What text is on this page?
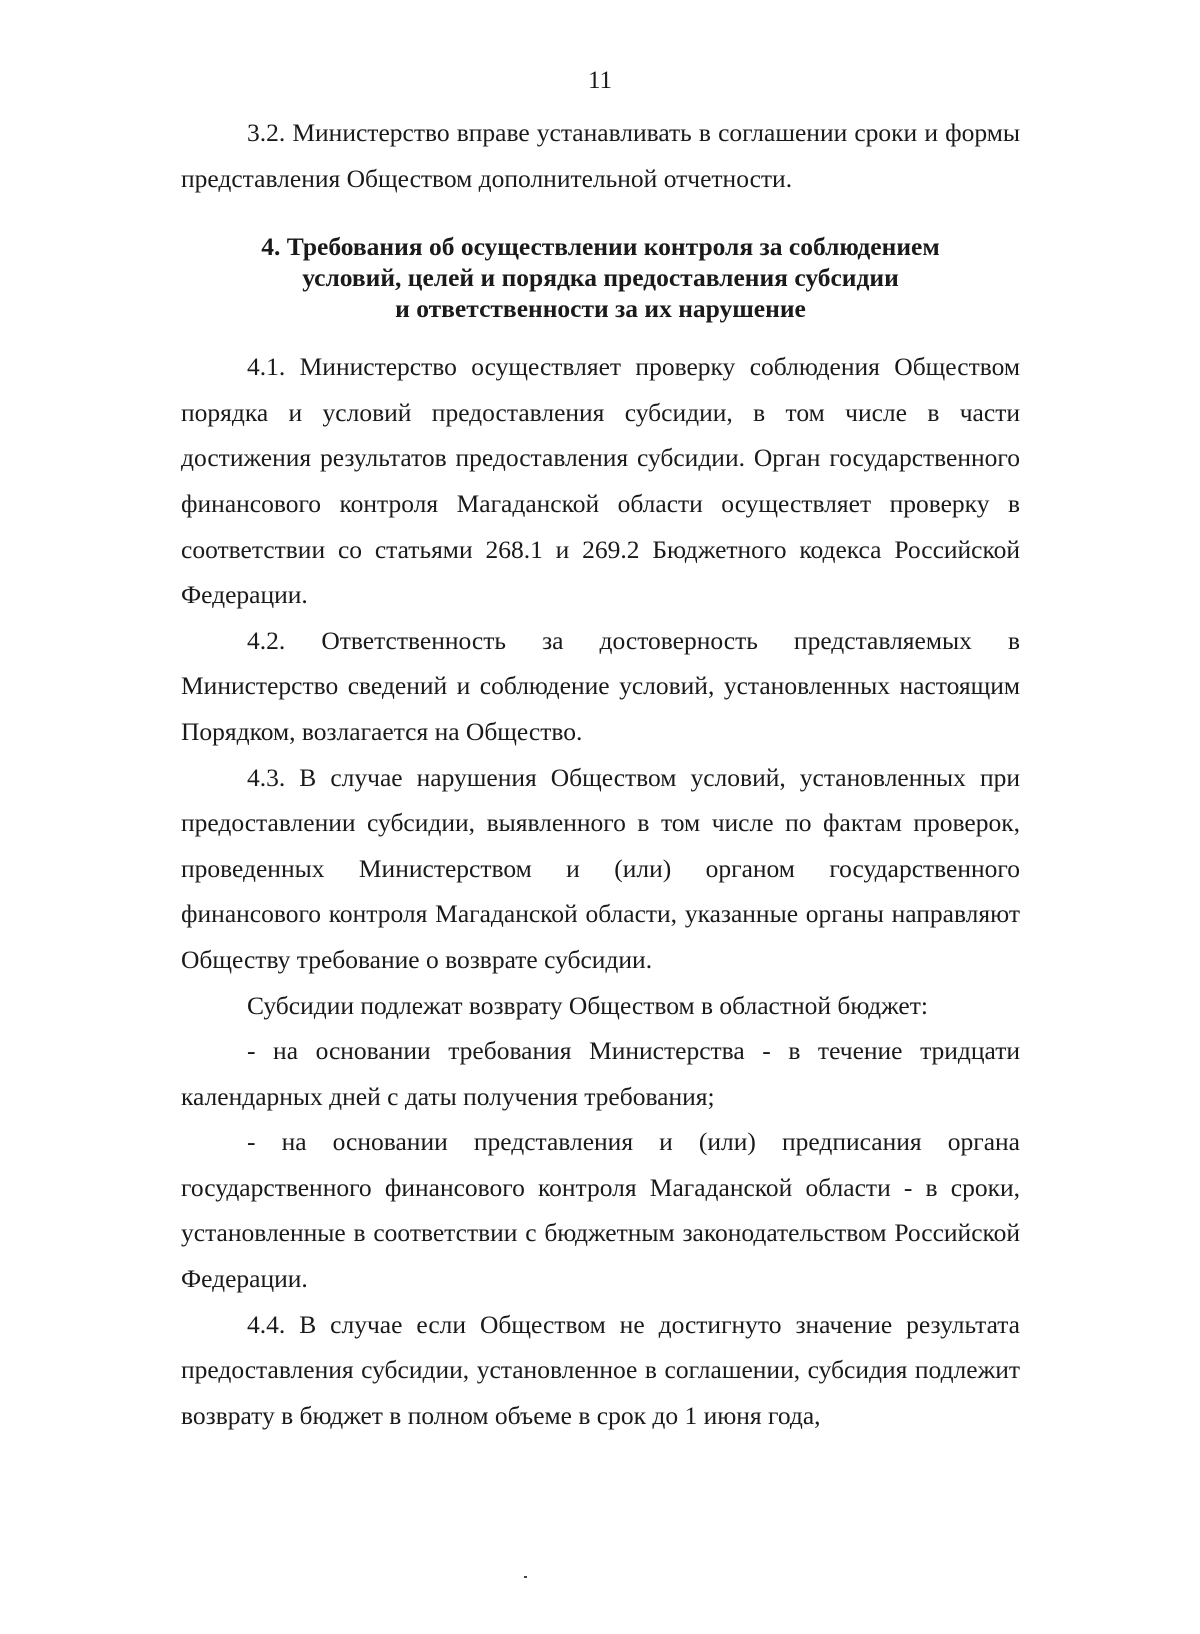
11

3.2. Министерство вправе устанавливать в соглашении сроки и формы представления Обществом дополнительной отчетности.

4. Требования об осуществлении контроля за соблюдением
условий, целей и порядка предоставления субсидии
и ответственности за их нарушение

4.1. Министерство осуществляет проверку соблюдения Обществом порядка и условий предоставления субсидии, в том числе в части достижения результатов предоставления субсидии. Орган государственного финансового контроля Магаданской области осуществляет проверку в соответствии со статьями 268.1 и 269.2 Бюджетного кодекса Российской Федерации.

4.2. Ответственность за достоверность представляемых в Министерство сведений и соблюдение условий, установленных настоящим Порядком, возлагается на Общество.

4.3. В случае нарушения Обществом условий, установленных при предоставлении субсидии, выявленного в том числе по фактам проверок, проведенных Министерством и (или) органом государственного финансового контроля Магаданской области, указанные органы направляют Обществу требование о возврате субсидии.

Субсидии подлежат возврату Обществом в областной бюджет:

- на основании требования Министерства - в течение тридцати календарных дней с даты получения требования;

- на основании представления и (или) предписания органа государственного финансового контроля Магаданской области - в сроки, установленные в соответствии с бюджетным законодательством Российской Федерации.

4.4. В случае если Обществом не достигнуто значение результата предоставления субсидии, установленное в соглашении, субсидия подлежит возврату в бюджет в полном объеме в срок до 1 июня года,
